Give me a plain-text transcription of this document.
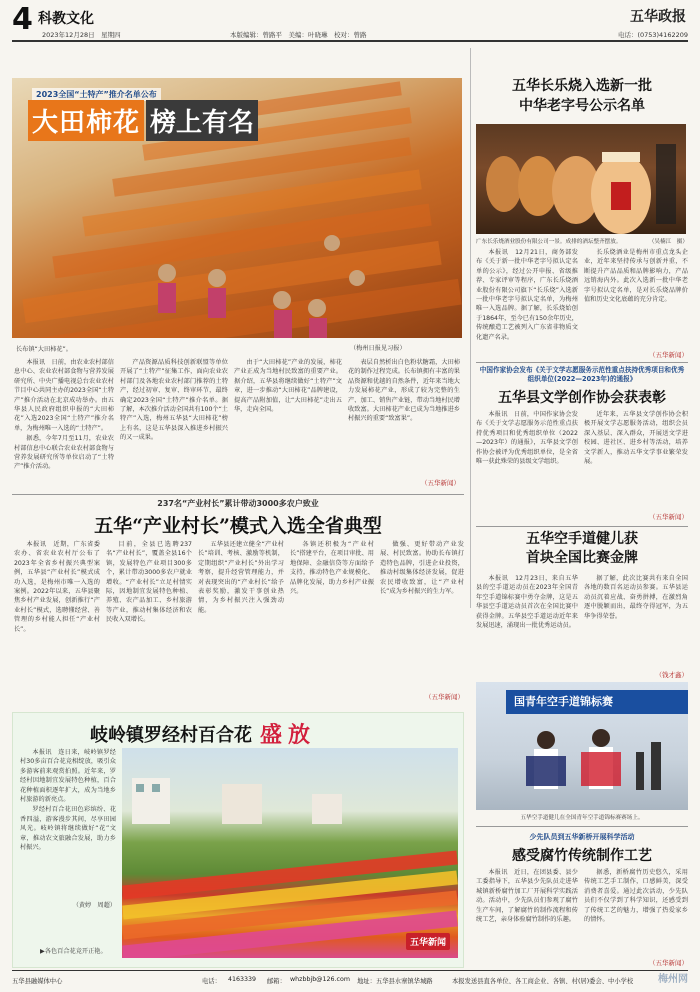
4 科教文化
2023年12月28日　星期四	本版编辑：曾路平　美编：叶晓琳　校对：曾路
五华政报
电话：(0753)4162209
2023全国“土特产”推介名单公布
大田柿花 榜上有名
长布镇“大田柿花”。	（梅州日报见习报）

本报讯　日前，由农业农村部信息中心、农业农村部食物与营养发展研究所、中央广播电视总台农业农村节目中心共同主办的2023全国“土特产”推介活动在北京成功举办。由五华县人民政府组织申报的“大田柿花”入选2023全国“土特产”推介名单，为梅州唯一入选的“土特产”。

据悉，今年7月至11月，农业农村部信息中心联合农业农村部食物与营养发展研究所等单位启动了“土特产”推介活动。

产品资源品质科技创新联盟等单位开展了“土特产”征集工作，面向农业农村部门及各地农业农村部门推荐的土特产，经过初审、复审、终审环节，最终确定2023全国“土特产”推介名单。据了解，本次推介活动全国共有100个“土特产”入选，梅州五华县“大田柿花”榜上有名，这是五华县深入推进乡村振兴的又一成果。

由于“大田柿花”产业的发展，柿花产业正成为当地村民致富的重要产业。据介绍，五华县将继续做好“土特产”文章，进一步推动“大田柿花”品牌建设，提高产品附加值，让“大田柿花”走出五华，走向全国。

表层自然析出白色粉状糖霜，大田柿花的制作过程完成。长布镇拥有丰富的果品资源和优越的自然条件，近年来当地大力发展柿花产业，形成了较为完整的生产、加工、销售产业链，带动当地村民增收致富。大田柿花产业已成为当地推进乡村振兴的重要“致富果”。

（五华新闻）
五华长乐烧入选新一批
中华老字号公示名单
广东长乐烧酒业股份有限公司一景。成排的酒坛整齐摆放。	（吴楠江　摄）

本报讯　12月21日，商务部发布《关于新一批中华老字号拟认定名单的公示》，经过公开申报、省级推荐、专家评审等程序，广东长乐烧酒业股份有限公司旗下“长乐烧”入选新一批中华老字号拟认定名单，为梅州唯一入选品牌。据了解，长乐烧始创于1864年，至今已有150余年历史，传统酿造工艺被列入广东省非物质文化遗产名录。

长乐烧酒业是梅州市重点龙头企业，近年来坚持传承与创新并重，不断提升产品品质和品牌影响力，产品远销海内外。此次入选新一批中华老字号拟认定名单，是对长乐烧品牌价值和历史文化底蕴的充分肯定。

（五华新闻）
中国作家协会发布《关于文学志愿服务示范性重点扶持优秀项目和优秀组织单位(2022—2023年)的通报》
五华县文学创作协会获表彰

本报讯　日前，中国作家协会发布《关于文学志愿服务示范性重点扶持优秀项目和优秀组织单位（2022—2023年）的通报》，五华县文学创作协会被评为优秀组织单位，是全省唯一获此殊荣的县级文学组织。

近年来，五华县文学创作协会积极开展文学志愿服务活动，组织会员深入基层、深入群众，开展送文学进校园、进社区、进乡村等活动，培养文学新人，推动五华文学事业繁荣发展。

（五华新闻）
237名“产业村长”累计带动3000多农户致业
五华“产业村长”模式入选全省典型

本报讯　近期，广东省委农办、省农业农村厅公布了2023年全省乡村振兴典型案例，五华县“产业村长”模式成功入选，是梅州市唯一入选的案例。2022年以来，五华县聚焦乡村产业发展，创新推行“产业村长”模式，选聘懂经营、善管理的乡村能人担任“产业村长”。

目前，全县已选聘237名“产业村长”，覆盖全县16个镇，发展特色产业项目300多个，累计带动3000多农户就业增收。“产业村长”立足村情实际，因地制宜发展特色种植、养殖、农产品加工、乡村旅游等产业，推动村集体经济和农民收入双增长。

五华县还建立健全“产业村长”培训、考核、激励等机制，定期组织“产业村长”外出学习考察，提升经营管理能力，并对表现突出的“产业村长”给予表彰奖励，激发干事创业热情，为乡村振兴注入强劲动能。

各镇还积极为“产业村长”搭建平台，在项目审批、用地保障、金融信贷等方面给予支持，推动特色产业规模化、品牌化发展，助力乡村产业振兴。

做强、更好带动产业发展、村民致富。协助长布镇打造特色品牌，引进企业投资，推动村级集体经济发展，促进农民增收致富，让“产业村长”成为乡村振兴的生力军。

（五华新闻）
五华空手道健儿获
首块全国比赛金牌

本报讯　12月23日，来自五华县的空手道运动员在2023年全国青年空手道锦标赛中勇夺金牌，这是五华县空手道运动员首次在全国比赛中获得金牌。五华县空手道运动近年来发展迅速，涌现出一批优秀运动员。

据了解，此次比赛共有来自全国各地的数百名运动员参赛。五华县运动员沉着应战、奋勇拼搏，在激烈角逐中脱颖而出，最终夺得冠军，为五华争得荣誉。

（钱才鑫）
国青年空手道锦标赛
五华空手道健儿在全国青年空手道锦标赛赛场上。
岐岭镇罗经村百合花 盛放

本报讯　连日来，岐岭镇罗经村30多亩百合花竞相绽放，吸引众多游客前来观赏拍照。近年来，罗经村因地制宜发展特色种植，百合花种植面积逐年扩大，成为当地乡村旅游的新亮点。

罗经村百合花田色彩缤纷、花香四溢，游客漫步其间，尽享田园风光。岐岭镇将继续做好“花”文章，推动农文旅融合发展，助力乡村振兴。

（黄婷　周超）
五华新闻
▶各色百合花竞开正艳。
少先队员到五华新桥开展科学活动
感受腐竹传统制作工艺

本报讯　近日，在团县委、县少工委指导下，五华县少先队员走进华城镇新桥腐竹加工厂开展科学实践活动。活动中，少先队员们参观了腐竹生产车间，了解腐竹的制作流程和传统工艺，亲身体验腐竹制作的乐趣。

据悉，新桥腐竹历史悠久，采用传统工艺手工制作，口感鲜美，深受消费者喜爱。通过此次活动，少先队员们不仅学到了科学知识，还感受到了传统工艺的魅力，增强了热爱家乡的情怀。

（五华新闻）
五华县融媒体中心	电话： 4163339 邮箱： whzbbjb@126.com 地址：五华县水寨镇华城路	本报发送县直各单位、各工商企业、各镇、村(居)委会、中小学校	梅州网
